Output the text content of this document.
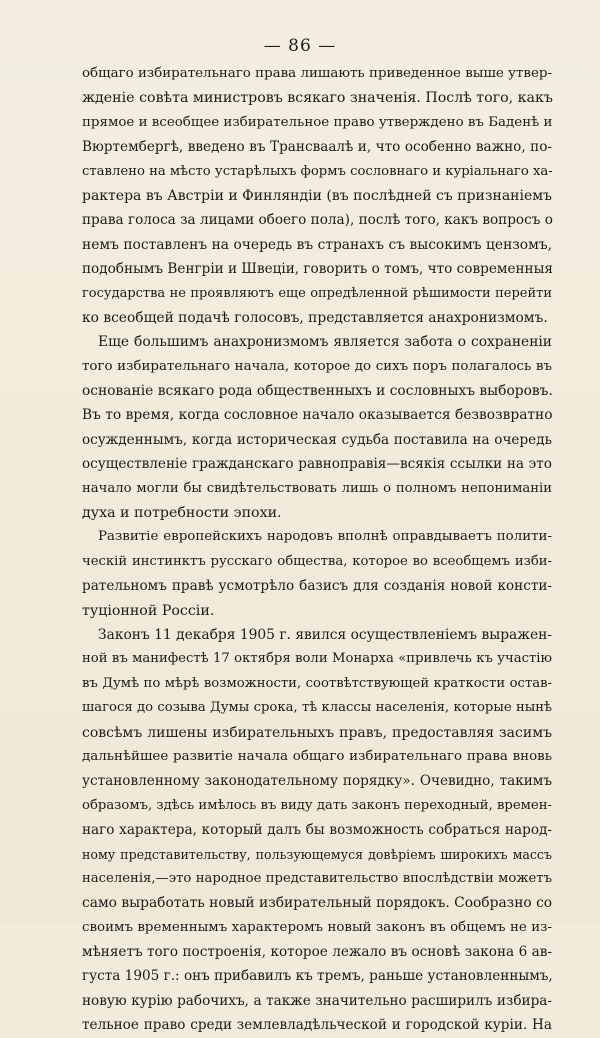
— 86 —
общаго избирательнаго права лишають приведенное выше утвер-
жденіе совѣта министровъ всякаго значенія. Послѣ того, какъ
прямое и всеобщее избирательное право утверждено въ Баденѣ и
Вюртембергѣ, введено въ Трансваалѣ и, что особенно важно, по-
ставлено на мѣсто устарѣлыхъ формъ сословнаго и куріальнаго ха-
рактера въ Австріи и Финляндіи (въ послѣдней съ признаніемъ
права голоса за лицами обоего пола), послѣ того, какъ вопросъ о
немъ поставленъ на очередь въ странахъ съ высокимъ цензомъ,
подобнымъ Венгріи и Швеціи, говорить о томъ, что современныя
государства не проявляютъ еще опредѣленной рѣшимости перейти
ко всеобщей подачѣ голосовъ, представляется анахронизмомъ.
Еще большимъ анахронизмомъ является забота о сохраненіи
того избирательнаго начала, которое до сихъ поръ полагалось въ
основаніе всякаго рода общественныхъ и сословныхъ выборовъ.
Въ то время, когда сословное начало оказывается безвозвратно
осужденнымъ, когда историческая судьба поставила на очередь
осуществленіе гражданскаго равноправія—всякія ссылки на это
начало могли бы свидѣтельствовать лишь о полномъ непониманіи
духа и потребности эпохи.
Развитіе европейскихъ народовъ вполнѣ оправдываетъ полити-
ческій инстинктъ русскаго общества, которое во всеобщемъ изби-
рательномъ правѣ усмотрѣло базисъ для созданія новой консти-
туціонной Россіи.
Законъ 11 декабря 1905 г. явился осуществленіемъ выражен-
ной въ манифестѣ 17 октября воли Монарха «привлечь къ участію
въ Думѣ по мѣрѣ возможности, соотвѣтствующей краткости остав-
шагося до созыва Думы срока, тѣ классы населенія, которые нынѣ
совсѣмъ лишены избирательныхъ правъ, предоставляя засимъ
дальнѣйшее развитіе начала общаго избирательнаго права вновь
установленному законодательному порядку». Очевидно, такимъ
образомъ, здѣсь имѣлось въ виду дать законъ переходный, времен-
наго характера, который далъ бы возможность собраться народ-
ному представительству, пользующемуся довѣріемъ широкихъ массъ
населенія,—это народное представительство впослѣдствіи можетъ
само выработать новый избирательный порядокъ. Сообразно со
своимъ временнымъ характеромъ новый законъ въ общемъ не из-
мѣняетъ того построенія, которое лежало въ основѣ закона 6 ав-
густа 1905 г.: онъ прибавилъ къ тремъ, раньше установленнымъ,
новую курію рабочихъ, а также значительно расширилъ избира-
тельное право среди землевладѣльческой и городской куріи. На
